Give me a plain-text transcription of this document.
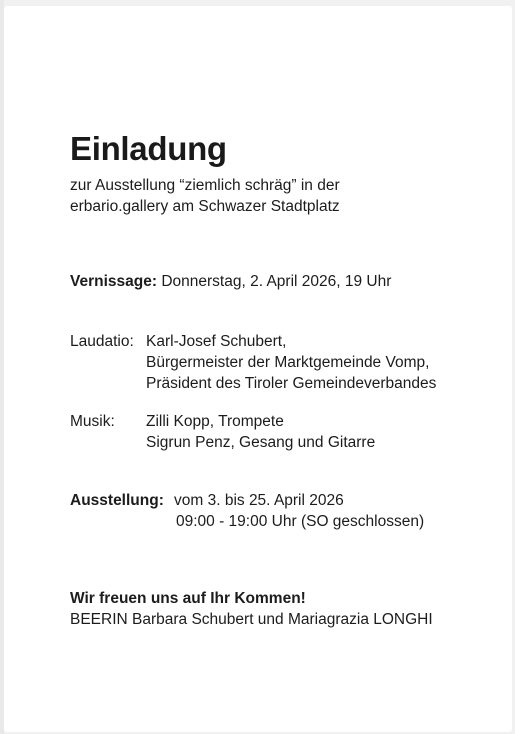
Einladung
zur Ausstellung “ziemlich schräg” in der
erbario.gallery am Schwazer Stadtplatz
Vernissage: Donnerstag, 2. April 2026, 19 Uhr
Laudatio: Karl-Josef Schubert,
Bürgermeister der Marktgemeinde Vomp,
Präsident des Tiroler Gemeindeverbandes
Musik: Zilli Kopp, Trompete
Sigrun Penz, Gesang und Gitarre
Ausstellung: vom 3. bis 25. April 2026
09:00 - 19:00 Uhr (SO geschlossen)
Wir freuen uns auf Ihr Kommen!
BEERIN Barbara Schubert und Mariagrazia LONGHI
